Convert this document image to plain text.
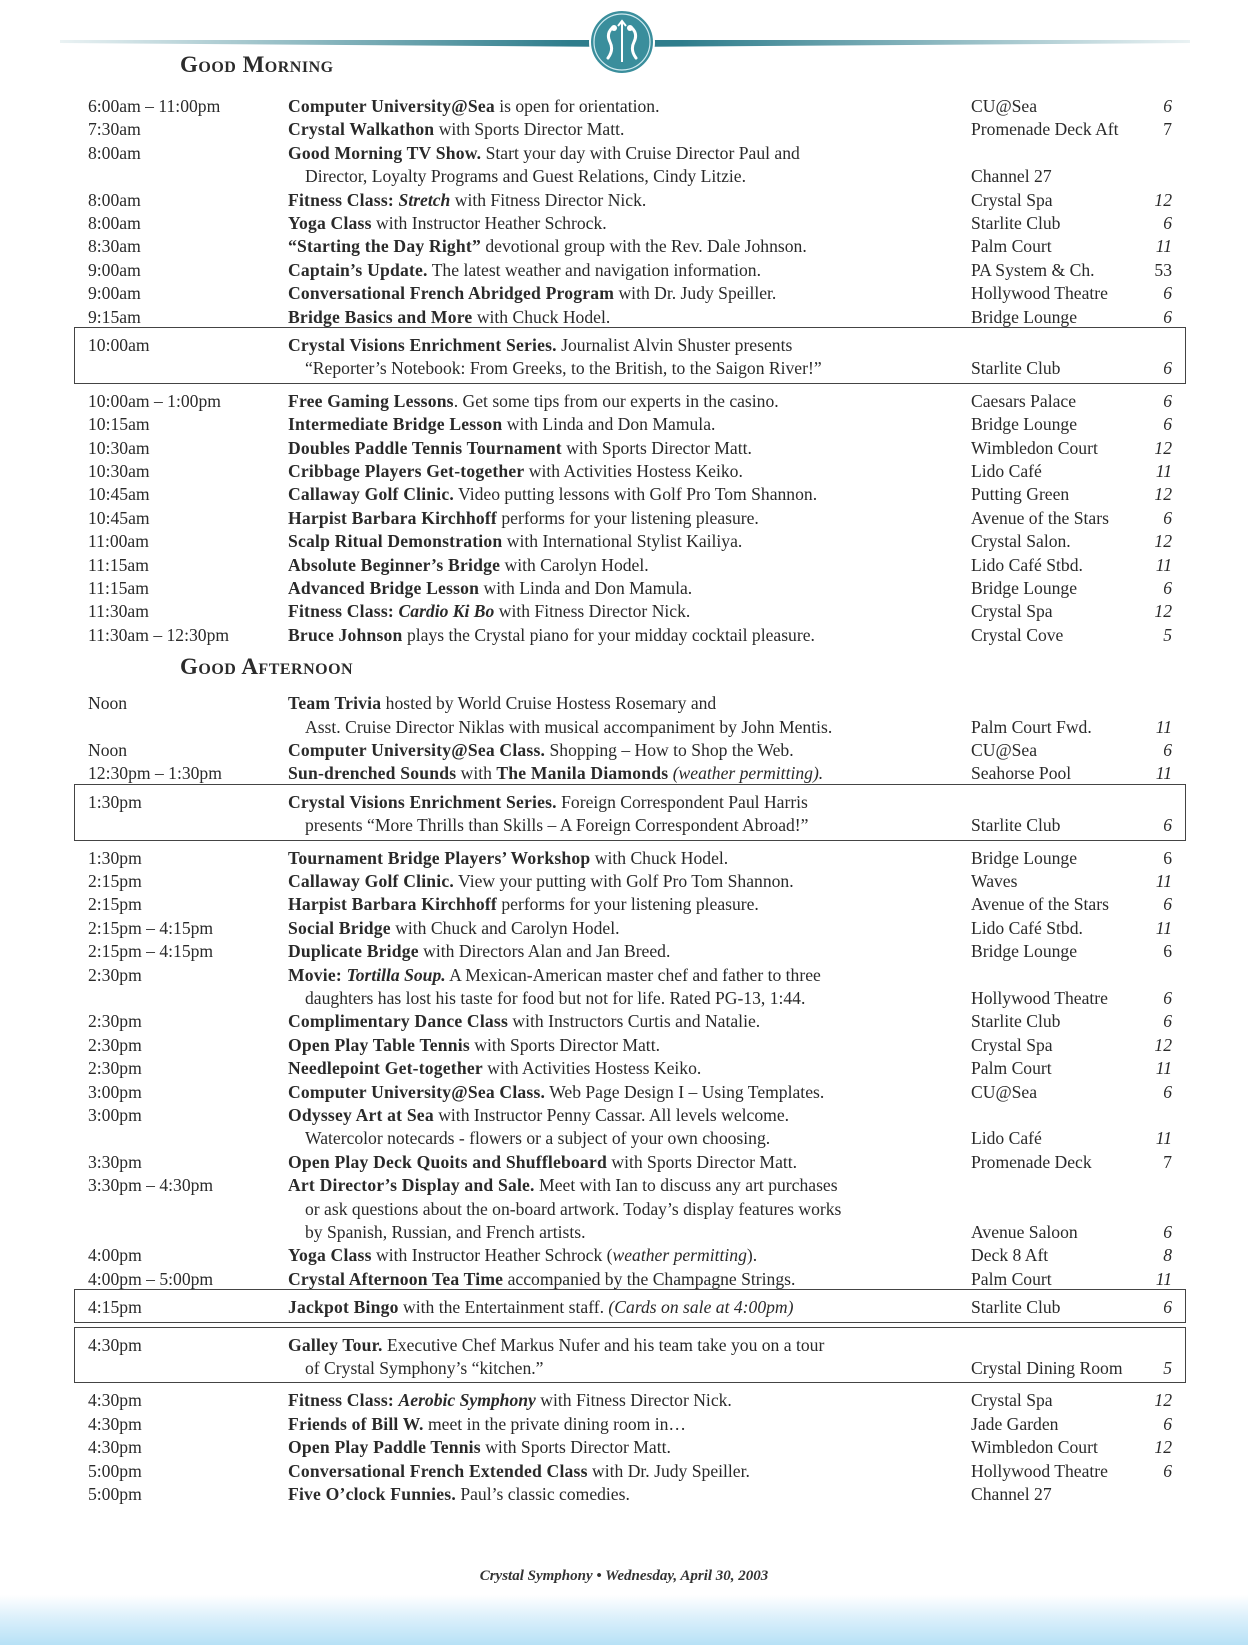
Good Morning
6:00am – 11:00pm	Computer University@Sea is open for orientation.	CU@Sea	6
7:30am	Crystal Walkathon with Sports Director Matt.	Promenade Deck Aft	7
8:00am	Good Morning TV Show. Start your day with Cruise Director Paul and
Director, Loyalty Programs and Guest Relations, Cindy Litzie.	Channel 27
8:00am	Fitness Class: Stretch with Fitness Director Nick.	Crystal Spa	12
8:00am	Yoga Class with Instructor Heather Schrock.	Starlite Club	6
8:30am	“Starting the Day Right” devotional group with the Rev. Dale Johnson.	Palm Court	11
9:00am	Captain’s Update. The latest weather and navigation information.	PA System & Ch.	53
9:00am	Conversational French Abridged Program with Dr. Judy Speiller.	Hollywood Theatre	6
9:15am	Bridge Basics and More with Chuck Hodel.	Bridge Lounge	6
10:00am	Crystal Visions Enrichment Series. Journalist Alvin Shuster presents
“Reporter’s Notebook: From Greeks, to the British, to the Saigon River!”	Starlite Club	6
10:00am – 1:00pm	Free Gaming Lessons. Get some tips from our experts in the casino.	Caesars Palace	6
10:15am	Intermediate Bridge Lesson with Linda and Don Mamula.	Bridge Lounge	6
10:30am	Doubles Paddle Tennis Tournament with Sports Director Matt.	Wimbledon Court	12
10:30am	Cribbage Players Get-together with Activities Hostess Keiko.	Lido Café	11
10:45am	Callaway Golf Clinic. Video putting lessons with Golf Pro Tom Shannon.	Putting Green	12
10:45am	Harpist Barbara Kirchhoff performs for your listening pleasure.	Avenue of the Stars	6
11:00am	Scalp Ritual Demonstration with International Stylist Kailiya.	Crystal Salon.	12
11:15am	Absolute Beginner’s Bridge with Carolyn Hodel.	Lido Café Stbd.	11
11:15am	Advanced Bridge Lesson with Linda and Don Mamula.	Bridge Lounge	6
11:30am	Fitness Class: Cardio Ki Bo with Fitness Director Nick.	Crystal Spa	12
11:30am – 12:30pm	Bruce Johnson plays the Crystal piano for your midday cocktail pleasure.	Crystal Cove	5
Good Afternoon
Noon	Team Trivia hosted by World Cruise Hostess Rosemary and
Asst. Cruise Director Niklas with musical accompaniment by John Mentis.	Palm Court Fwd.	11
Noon	Computer University@Sea Class. Shopping – How to Shop the Web.	CU@Sea	6
12:30pm – 1:30pm	Sun-drenched Sounds with The Manila Diamonds (weather permitting).	Seahorse Pool	11
1:30pm	Crystal Visions Enrichment Series. Foreign Correspondent Paul Harris
presents “More Thrills than Skills – A Foreign Correspondent Abroad!”	Starlite Club	6
1:30pm	Tournament Bridge Players’ Workshop with Chuck Hodel.	Bridge Lounge	6
2:15pm	Callaway Golf Clinic. View your putting with Golf Pro Tom Shannon.	Waves	11
2:15pm	Harpist Barbara Kirchhoff performs for your listening pleasure.	Avenue of the Stars	6
2:15pm – 4:15pm	Social Bridge with Chuck and Carolyn Hodel.	Lido Café Stbd.	11
2:15pm – 4:15pm	Duplicate Bridge with Directors Alan and Jan Breed.	Bridge Lounge	6
2:30pm	Movie: Tortilla Soup. A Mexican-American master chef and father to three
daughters has lost his taste for food but not for life. Rated PG-13, 1:44.	Hollywood Theatre	6
2:30pm	Complimentary Dance Class with Instructors Curtis and Natalie.	Starlite Club	6
2:30pm	Open Play Table Tennis with Sports Director Matt.	Crystal Spa	12
2:30pm	Needlepoint Get-together with Activities Hostess Keiko.	Palm Court	11
3:00pm	Computer University@Sea Class. Web Page Design I – Using Templates.	CU@Sea	6
3:00pm	Odyssey Art at Sea with Instructor Penny Cassar. All levels welcome.
Watercolor notecards - flowers or a subject of your own choosing.	Lido Café	11
3:30pm	Open Play Deck Quoits and Shuffleboard with Sports Director Matt.	Promenade Deck	7
3:30pm – 4:30pm	Art Director’s Display and Sale. Meet with Ian to discuss any art purchases
or ask questions about the on-board artwork. Today’s display features works
by Spanish, Russian, and French artists.	Avenue Saloon	6
4:00pm	Yoga Class with Instructor Heather Schrock (weather permitting).	Deck 8 Aft	8
4:00pm – 5:00pm	Crystal Afternoon Tea Time accompanied by the Champagne Strings.	Palm Court	11
4:15pm	Jackpot Bingo with the Entertainment staff. (Cards on sale at 4:00pm)	Starlite Club	6
4:30pm	Galley Tour. Executive Chef Markus Nufer and his team take you on a tour
of Crystal Symphony’s “kitchen.”	Crystal Dining Room	5
4:30pm	Fitness Class: Aerobic Symphony with Fitness Director Nick.	Crystal Spa	12
4:30pm	Friends of Bill W. meet in the private dining room in…	Jade Garden	6
4:30pm	Open Play Paddle Tennis with Sports Director Matt.	Wimbledon Court	12
5:00pm	Conversational French Extended Class with Dr. Judy Speiller.	Hollywood Theatre	6
5:00pm	Five O’clock Funnies. Paul’s classic comedies.	Channel 27
Crystal Symphony • Wednesday, April 30, 2003
